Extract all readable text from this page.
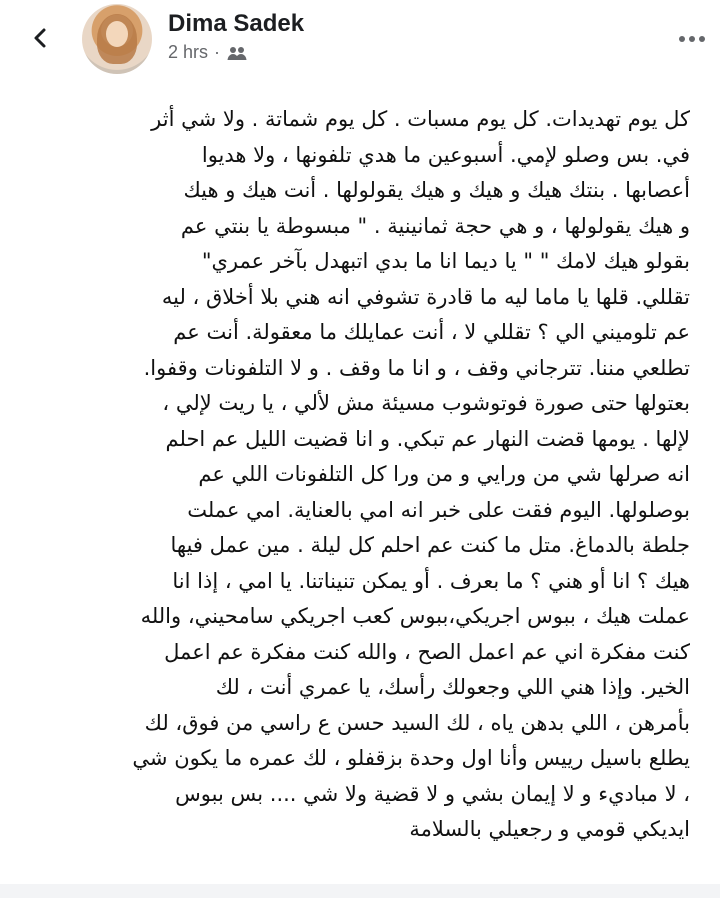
Dima Sadek
2 hrs ·
كل يوم تهديدات. كل يوم مسبات . كل يوم شماتة . ولا شي أثر
في. بس وصلو لإمي. أسبوعين ما هدي تلفونها ، ولا هديوا
أعصابها . بنتك هيك و هيك و هيك يقولولها . أنت هيك و هيك
و هيك يقولولها ، و هي حجة ثمانينية . " مبسوطة يا بنتي عم
بقولو هيك لامك " " يا ديما انا ما بدي اتبهدل بآخر عمري"
تقللي. قلها يا ماما ليه ما قادرة تشوفي انه هني بلا أخلاق ، ليه
عم تلوميني الي ؟ تقللي لا ، أنت عمايلك ما معقولة. أنت عم
تطلعي مننا. تترجاني وقف ، و انا ما وقف . و لا التلفونات وقفوا.
بعتولها حتى صورة فوتوشوب مسيئة مش لألي ، يا ريت لإلي ،
لإلها . يومها قضت النهار عم تبكي. و انا قضيت الليل عم احلم
انه صرلها شي من ورايي و من ورا كل التلفونات اللي عم
بوصلولها. اليوم فقت على خبر انه امي بالعناية. امي عملت
جلطة بالدماغ. متل ما كنت عم احلم كل ليلة . مين عمل فيها
هيك ؟ انا أو هني ؟ ما بعرف . أو يمكن تنيناتنا. يا امي ، إذا انا
عملت هيك ، ببوس اجريكي،ببوس كعب اجريكي سامحيني، والله
كنت مفكرة اني عم اعمل الصح ، والله كنت مفكرة عم اعمل
الخير. وإذا هني اللي وجعولك رأسك، يا عمري أنت ، لك
بأمرهن ، اللي بدهن ياه ، لك السيد حسن ع راسي من فوق، لك
يطلع باسيل رييس وأنا اول وحدة بزقفلو ، لك عمره ما يكون شي
، لا مباديء و لا إيمان بشي و لا قضية ولا شي .... بس ببوس
ايديكي قومي و رجعيلي بالسلامة
